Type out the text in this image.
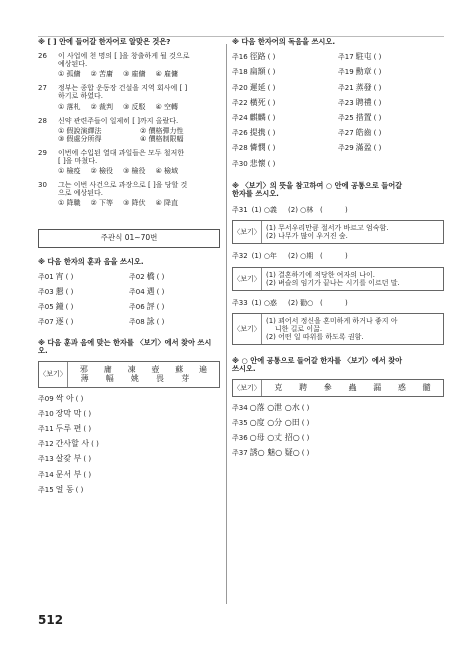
※ [ ] 안에 들어갈 한자어로 알맞은 것은?
26 이 사업에 천 명의 [ ]을 창출하게 될 것으로
예상된다.
① 孤傭 ② 苦庸 ③ 雇傭 ④ 雇傭
27 정부는 종합 운동장 건설을 지역 회사에 [ ]
하기로 하였다.
① 落札 ② 裁判 ③ 反駁 ④ 空轉
28 신약 관련주들이 일제히 [ ]까지 올랐다.
① 假說演繹法	② 價格彈力性
③ 假處分所得	④ 價格制限幅
29 이번에 수입된 열대 과일들은 모두 철저한
[ ]을 마쳤다.
① 檢疫 ② 檢役 ③ 檢役 ④ 檢域
30 그는 이번 사건으로 과장으로 [ ]을 당할 것
으로 예상된다.
① 降職 ② 下等 ③ 降伏 ④ 降直
주관식 01~70번
※ 다음 한자의 훈과 음을 쓰시오.
주01 宵 ( )	주02 橋 ( )
주03 懇 ( )	주04 遇 ( )
주05 鐘 ( )	주06 評 ( )
주07 逐 ( )	주08 詠 ( )
※ 다음 훈과 음에 맞는 한자를 〈보기〉에서 찾아 쓰시오.
〈보기〉
邪 庸 凍 壺 蘇 遍
薄 幅 姚 畏 芽
주09 싹 아 ( )
주10 장막 막 ( )
주11 두루 편 ( )
주12 간사할 사 ( )
주13 살갗 부 ( )
주14 문서 부 ( )
주15 얼 동 ( )
※ 다음 한자어의 독음을 쓰시오.
주16 徑路 ( )	주17 駐屯 ( )
주18 扁額 ( )	주19 勳章 ( )
주20 遲延 ( )	주21 蒸發 ( )
주22 橫死 ( )	주23 聘禮 ( )
주24 麒麟 ( )	주25 措置 ( )
주26 提携 ( )	주27 皓齒 ( )
주28 憐憫 ( )	주29 滿盈 ( )
주30 悲懷 ( )
※ 〈보기〉의 뜻을 참고하여 ○ 안에 공통으로 들어갈
한자를 쓰시오.
주31 (1) ○義     (2) ○林   (          )
〈보기〉
(1) 무서우리만큼 절서가 바르고 엄숙함.
(2) 나무가 많이 우거진 숲.
주32 (1) ○年     (2) ○期   (          )
〈보기〉
(1) 결혼하기에 적당한 여자의 나이.
(2) 벼슬의 임기가 끝나는 시기를 이르던 말.
주33 (1) ○惑     (2) 勸○   (          )
〈보기〉
(1) 꾀어서 정신을 혼미하게 하거나 좋지 아
니한 길로 이끎.
(2) 어떤 일 따위를 하도록 권함.
※ ○ 안에 공통으로 들어갈 한자를 〈보기〉에서 찾아
쓰시오.
〈보기〉 克 聘 參 蟲 漏 惑 髓
주34 ○落 ○泄 ○水 ( )
주35 ○度 ○分 ○田 ( )
주36 ○母 ○丈 招○ ( )
주37 誘○ 魅○ 疑○ ( )
512
